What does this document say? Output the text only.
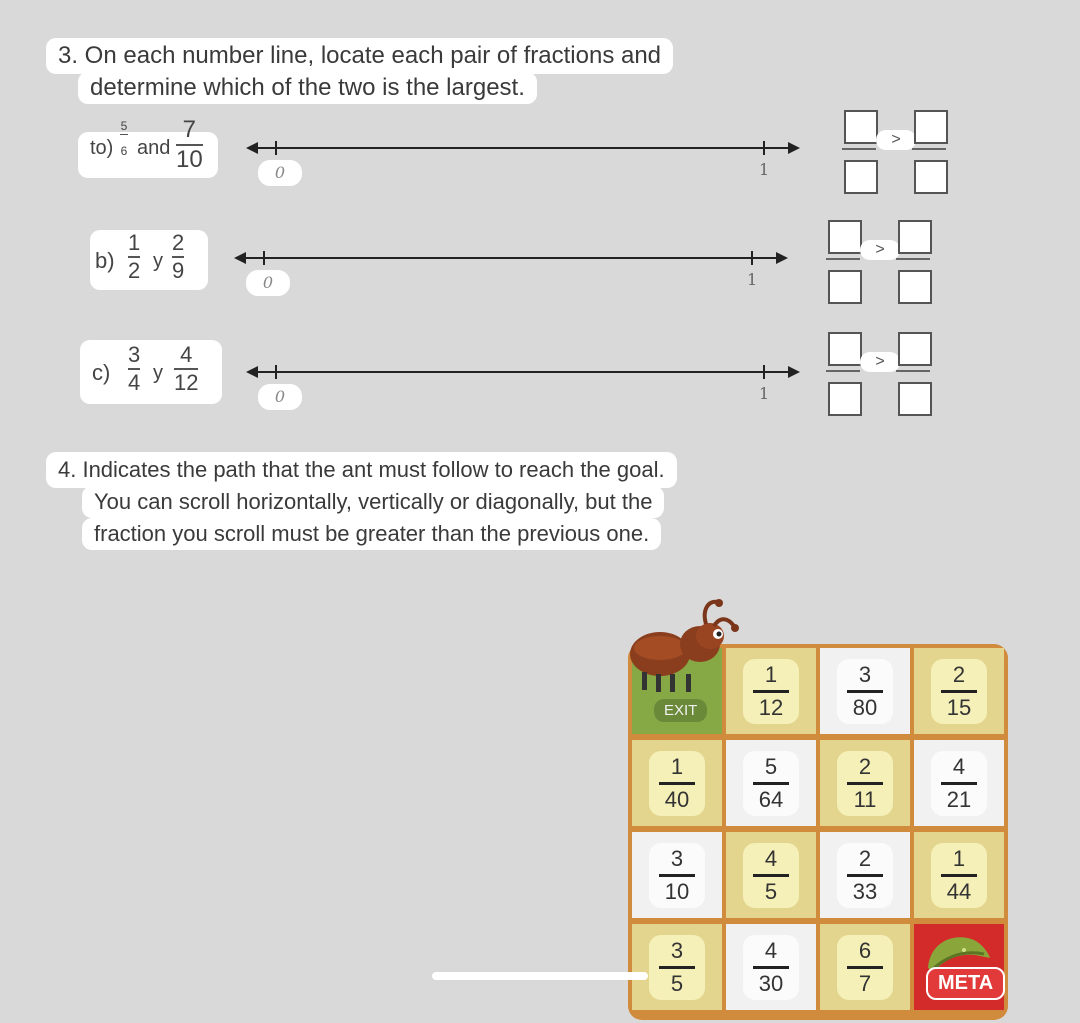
3. On each number line, locate each pair of fractions and
determine which of the two is the largest.
to)
5
6 and
7
10	0	1
>
b)
1
2 y
2
9	0	1
>
c)
3
4 y
4
12
0	1
>
4. Indicates the path that the ant must follow to reach the goal.
You can scroll horizontally, vertically or diagonally, but the
fraction you scroll must be greater than the previous one.
EXIT	$\frac{1}{12} \frac{3}{80} \frac{2}{15}$
$\frac{1}{40} \frac{5}{64} \frac{2}{11} \frac{4}{21}$
$\frac{3}{10} \frac{4}{5} \frac{2}{33} \frac{1}{44}$
$\frac{3}{5} \frac{4}{30} \frac{6}{7}$	META
